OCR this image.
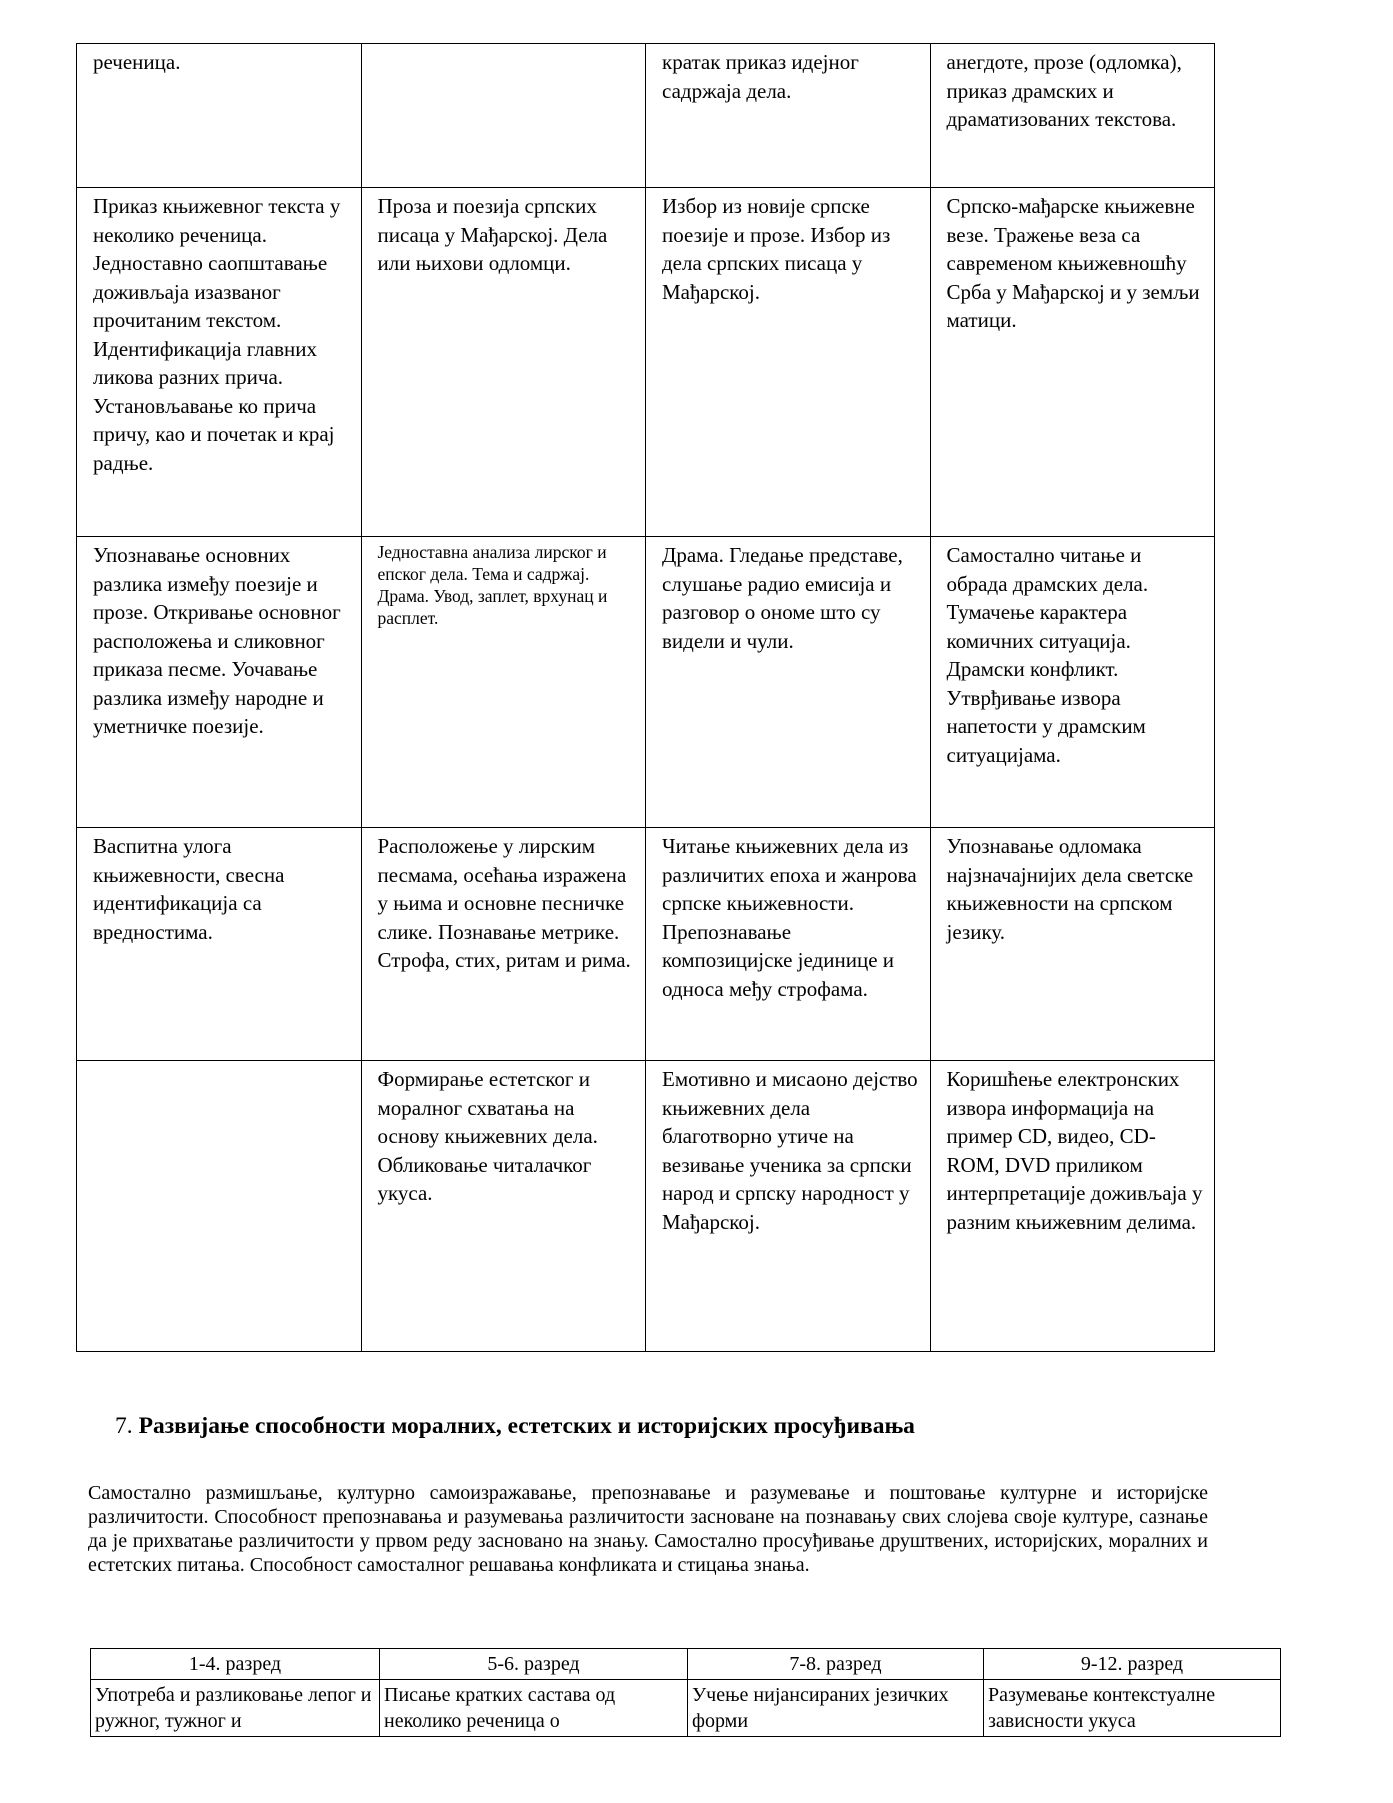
реченица.		кратак приказ идејног садржаја дела.	анегдоте, прозе (одломка), приказ драмских и драматизованих текстова.
Приказ књижевног текста у неколико реченица. Једноставно саопштавање доживљаја изазваног прочитаним текстом. Идентификација главних ликова разних прича. Установљавање ко прича причу, као и почетак и крај радње.	Проза и поезија српских писаца у Мађарској. Дела или њихови одломци.	Избор из новије српске поезије и прозе. Избор из дела српских писаца у Мађарској.	Српско-мађарске књижевне везе. Тражење веза са савременом књижевношћу Срба у Мађарској и у земљи матици.
Упознавање основних разлика између поезије и прозе. Откривање основног расположења и сликовног приказа песме. Уочавање разлика између народне и уметничке поезије.	Једноставна анализа лирског и епског дела. Тема и садржај. Драма. Увод, заплет, врхунац и расплет.	Драма. Гледање представе, слушање радио емисија и разговор о ономе што су видели и чули.	Самостално читање и обрада драмских дела. Тумачење карактера комичних ситуација. Драмски конфликт. Утврђивање извора напетости у драмским ситуацијама.
Васпитна улога књижевности, свесна идентификација са вредностима.	Расположење у лирским песмама, осећања изражена у њима и основне песничке слике. Познавање метрике. Строфа, стих, ритам и рима.	Читање књижевних дела из различитих епоха и жанрова српске књижевности. Препознавање композицијске јединице и односа међу строфама.	Упознавање одломака најзначајнијих дела светске књижевности на српском језику.
	Формирање естетског и моралног схватања на основу књижевних дела. Обликовање читалачког укуса.	Емотивно и мисаоно дејство књижевних дела благотворно утиче на везивање ученика за српски народ и српску народност у Мађарској.	Коришћење електронских извора информација на пример CD, видео, CD-ROM, DVD приликом интерпретације доживљаја у разним књижевним делима.
7. Развијање способности моралних, естетских и историјских просуђивања

Самостално размишљање, културно самоизражавање, препознавање и разумевање и поштовање културне и историјске различитости. Способност препознавања и разумевања различитости засноване на познавању свих слојева своје културе, сазнање да је прихватање различитости у првом реду засновано на знању. Самостално просуђивање друштвених, историјских, моралних и естетских питања. Способност самосталног решавања конфликата и стицања знања.

1-4. разред	5-6. разред	7-8. разред	9-12. разред
Употреба и разликовање лепог и ружног, тужног и	Писање кратких састава од неколико реченица о	Учење нијансираних језичких форми	Разумевање контекстуалне зависности укуса
